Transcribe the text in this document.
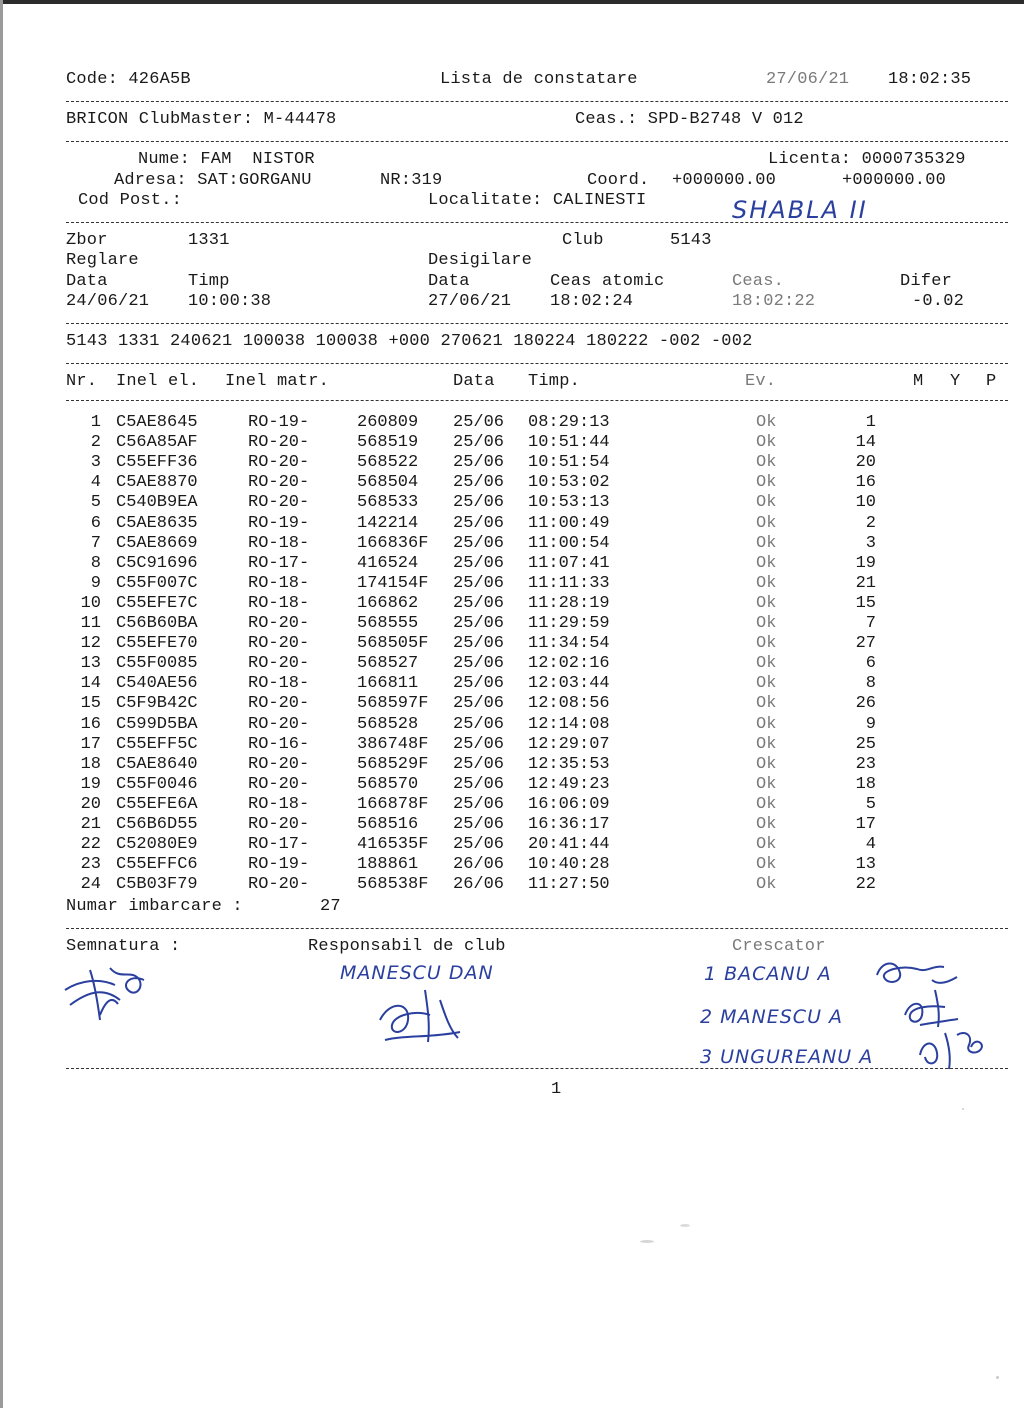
Code: 426A5B	Lista de constatare	27/06/21 18:02:35
BRICON ClubMaster: M-44478	Ceas.: SPD-B2748 V 012
Nume: FAM  NISTOR	Licenta: 0000735329
Adresa: SAT:GORGANU	NR:319	Coord. +000000.00	+000000.00
Cod Post.:	Localitate: CALINESTI	SHABLA II
Zbor	1331	Club	5143
Reglare	Desigilare
Data	Timp	Data	Ceas atomic	Ceas.	Difer
24/06/21 10:00:38	27/06/21 18:02:24	18:02:22	-0.02
5143 1331 240621 100038 100038 +000 270621 180224 180222 -002 -002
Nr. Inel el. Inel matr.	Data Timp.	Ev.	M Y P
1 C5AE8645	RO-19-	260809 25/06 08:29:13	Ok	1
2 C56A85AF	RO-20-	568519 25/06 10:51:44	Ok	14
3 C55EFF36	RO-20-	568522 25/06 10:51:54	Ok	20
4 C5AE8870	RO-20-	568504 25/06 10:53:02	Ok	16
5 C540B9EA	RO-20-	568533 25/06 10:53:13	Ok	10
6 C5AE8635	RO-19-	142214 25/06 11:00:49	Ok	2
7 C5AE8669	RO-18-	166836F 25/06 11:00:54	Ok	3
8 C5C91696	RO-17-	416524 25/06 11:07:41	Ok	19
9 C55F007C	RO-18-	174154F 25/06 11:11:33	Ok	21
10 C55EFE7C	RO-18-	166862 25/06 11:28:19	Ok	15
11 C56B60BA	RO-20-	568555 25/06 11:29:59	Ok	7
12 C55EFE70	RO-20-	568505F 25/06 11:34:54	Ok	27
13 C55F0085	RO-20-	568527 25/06 12:02:16	Ok	6
14 C540AE56	RO-18-	166811 25/06 12:03:44	Ok	8
15 C5F9B42C	RO-20-	568597F 25/06 12:08:56	Ok	26
16 C599D5BA	RO-20-	568528 25/06 12:14:08	Ok	9
17 C55EFF5C	RO-16-	386748F 25/06 12:29:07	Ok	25
18 C5AE8640	RO-20-	568529F 25/06 12:35:53	Ok	23
19 C55F0046	RO-20-	568570 25/06 12:49:23	Ok	18
20 C55EFE6A	RO-18-	166878F 25/06 16:06:09	Ok	5
21 C56B6D55	RO-20-	568516 25/06 16:36:17	Ok	17
22 C52080E9	RO-17-	416535F 25/06 20:41:44	Ok	4
23 C55EFFC6	RO-19-	188861 26/06 10:40:28	Ok	13
24 C5B03F79	RO-20-	568538F 26/06 11:27:50	Ok	22
Numar imbarcare :	27
Semnatura :	Responsabil de club	Crescator
MANESCU DAN	1 BACANU A
2 MANESCU A
3 UNGUREANU A
1
